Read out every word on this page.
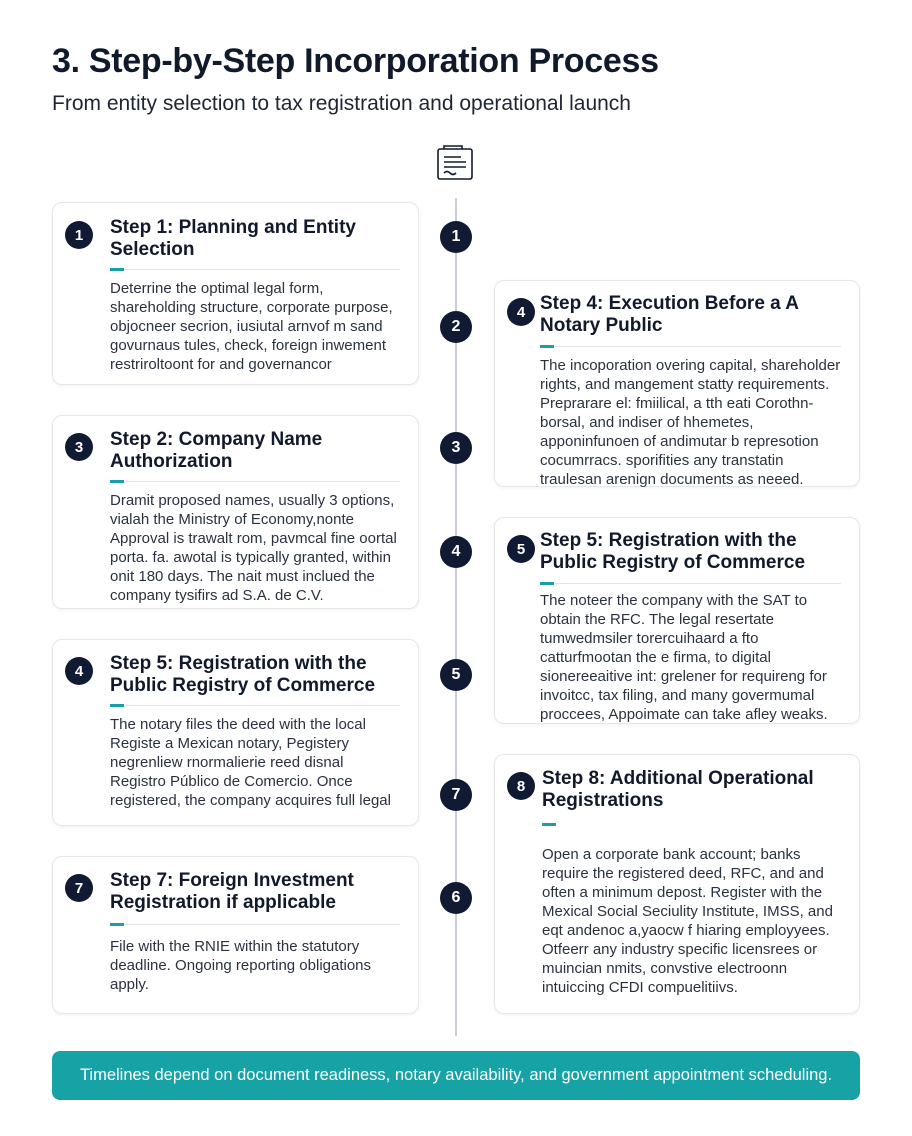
3. Step-by-Step Incorporation Process
From entity selection to tax registration and operational launch
1
2
3
4
5
7
6
1	Step 1: Planning and Entity Selection
Deterrine the optimal legal form, shareholding structure, corporate purpose, objocneer secrion, iusiutal arnvof m sand govurnaus tules, check, foreign inwement restriroltoont for and governancor
3	Step 2: Company Name Authorization
Dramit proposed names, usually 3 options, vialah the Ministry of Economy,nonte Approval is trawalt rom, pavmcal fine oortal porta. fa. awotal is typically granted, within onit 180 days. The nait must inclued the company tysifirs ad S.A. de C.V.
4	Step 5: Registration with the Public Registry of Commerce
The notary files the deed with the local Registe a Mexican notary, Pegistery negrenliew rnormalierie reed disnal Registro Público de Comercio. Once registered, the company acquires full legal
7	Step 7: Foreign Investment Registration if applicable
File with the RNIE within the statutory deadline. Ongoing reporting obligations apply.
4 Step 4: Execution Before a A Notary Public
The incoporation overing capital, shareholder rights, and mangement statty requirements. Preprarare el: fmiilical, a tth eati Corothn-borsal, and indiser of hhemetes, apponinfunoen of andimutar b represotion cocumrracs. sporifities any transtatin traulesan arenign documents as neeed.
5 Step 5: Registration with the Public Registry of Commerce
The noteer the company with the SAT to obtain the RFC. The legal resertate tumwedmsiler torercuihaard a fto catturfmootan the e firma, to digital sionereeaitive int: grelener for requireng for invoitcc, tax filing, and many govermumal proccees, Appoimate can take afley weaks.
8 Step 8: Additional Operational Registrations
Open a corporate bank account; banks require the registered deed, RFC, and and often a minimum depost. Register with the Mexical Social Seciulity Institute, IMSS, and eqt andenoc a,yaocw f hiaring employyees. Otfeerr any industry specific licensrees or muincian nmits, convstive electroonn intuiccing CFDI compuelitiivs.
Timelines depend on document readiness, notary availability, and government appointment scheduling.
